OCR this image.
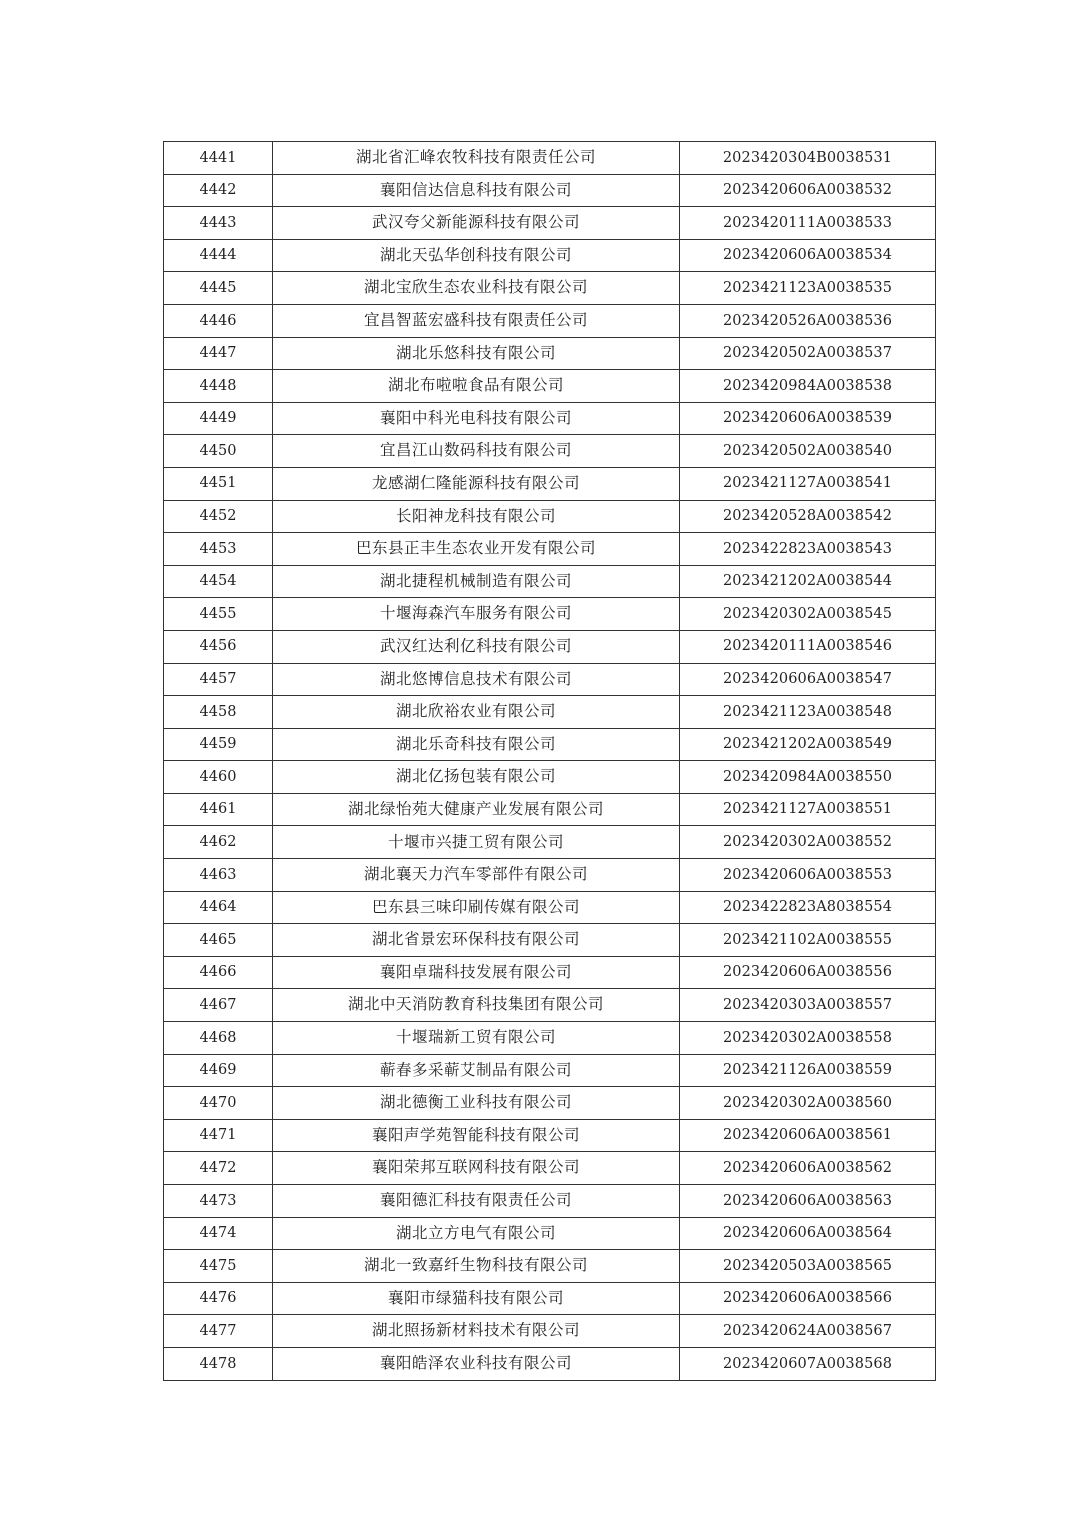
4441	湖北省汇峰农牧科技有限责任公司	2023420304B0038531
4442	襄阳信达信息科技有限公司	2023420606A0038532
4443	武汉夸父新能源科技有限公司	2023420111A0038533
4444	湖北天弘华创科技有限公司	2023420606A0038534
4445	湖北宝欣生态农业科技有限公司	2023421123A0038535
4446	宜昌智蓝宏盛科技有限责任公司	2023420526A0038536
4447	湖北乐悠科技有限公司	2023420502A0038537
4448	湖北布啦啦食品有限公司	2023420984A0038538
4449	襄阳中科光电科技有限公司	2023420606A0038539
4450	宜昌江山数码科技有限公司	2023420502A0038540
4451	龙感湖仁隆能源科技有限公司	2023421127A0038541
4452	长阳神龙科技有限公司	2023420528A0038542
4453	巴东县正丰生态农业开发有限公司	2023422823A0038543
4454	湖北捷程机械制造有限公司	2023421202A0038544
4455	十堰海森汽车服务有限公司	2023420302A0038545
4456	武汉红达利亿科技有限公司	2023420111A0038546
4457	湖北悠博信息技术有限公司	2023420606A0038547
4458	湖北欣裕农业有限公司	2023421123A0038548
4459	湖北乐奇科技有限公司	2023421202A0038549
4460	湖北亿扬包装有限公司	2023420984A0038550
4461	湖北绿怡苑大健康产业发展有限公司	2023421127A0038551
4462	十堰市兴捷工贸有限公司	2023420302A0038552
4463	湖北襄天力汽车零部件有限公司	2023420606A0038553
4464	巴东县三味印刷传媒有限公司	2023422823A8038554
4465	湖北省景宏环保科技有限公司	2023421102A0038555
4466	襄阳卓瑞科技发展有限公司	2023420606A0038556
4467	湖北中天消防教育科技集团有限公司	2023420303A0038557
4468	十堰瑞新工贸有限公司	2023420302A0038558
4469	蕲春多采蕲艾制品有限公司	2023421126A0038559
4470	湖北德衡工业科技有限公司	2023420302A0038560
4471	襄阳声学苑智能科技有限公司	2023420606A0038561
4472	襄阳荣邦互联网科技有限公司	2023420606A0038562
4473	襄阳德汇科技有限责任公司	2023420606A0038563
4474	湖北立方电气有限公司	2023420606A0038564
4475	湖北一致嘉纤生物科技有限公司	2023420503A0038565
4476	襄阳市绿猫科技有限公司	2023420606A0038566
4477	湖北照扬新材料技术有限公司	2023420624A0038567
4478	襄阳皓泽农业科技有限公司	2023420607A0038568
